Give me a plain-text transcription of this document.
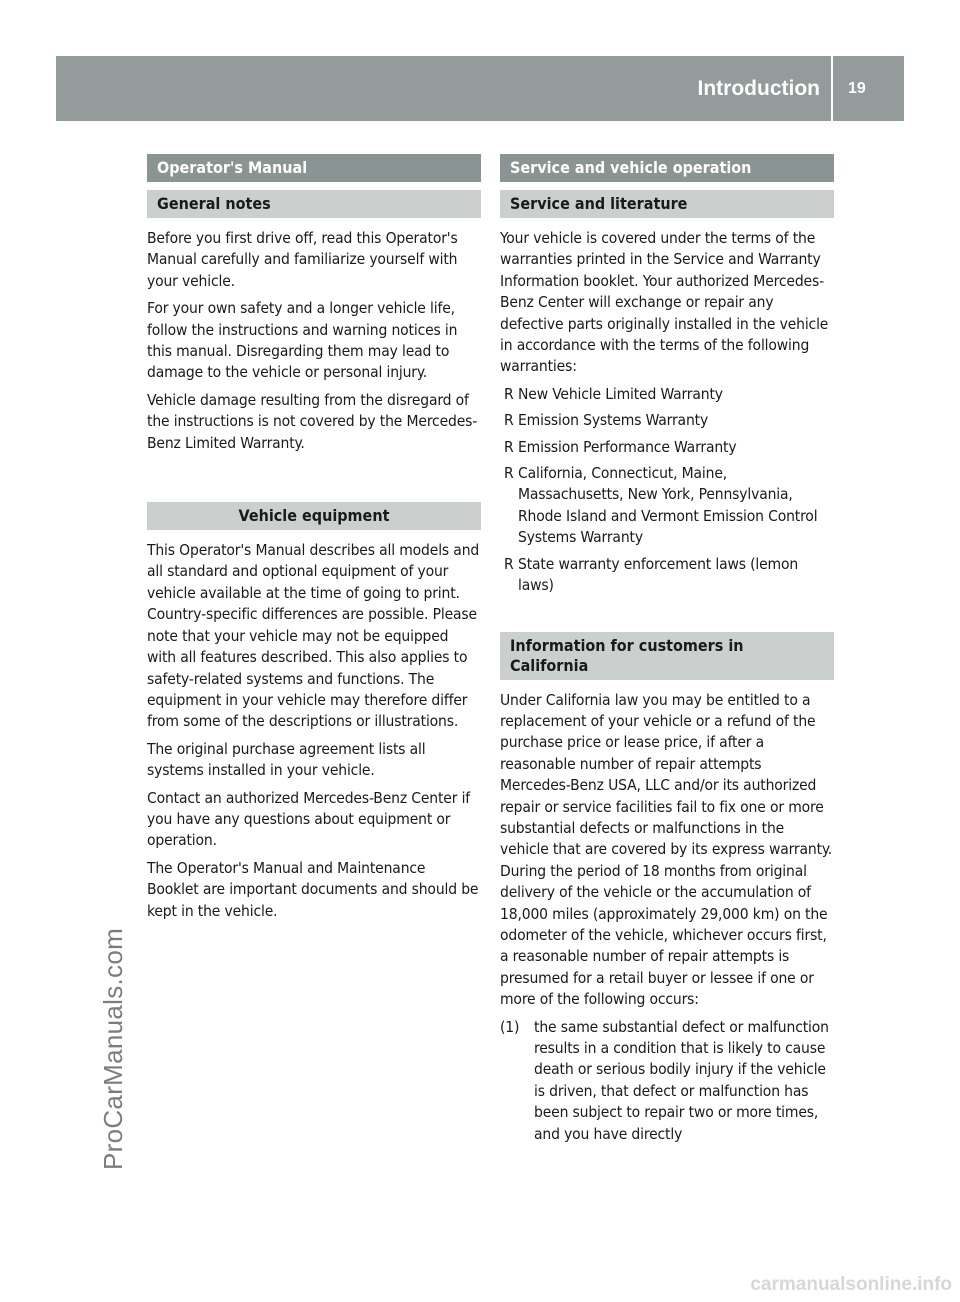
Introduction 19
ProCarManuals.com
Operator's Manual
General notes

Before you first drive off, read this Operator's Manual carefully and familiarize yourself with your vehicle.

For your own safety and a longer vehicle life, follow the instructions and warning notices in this manual. Disregarding them may lead to damage to the vehicle or personal injury.

Vehicle damage resulting from the disregard of the instructions is not covered by the Mercedes-Benz Limited Warranty.

Vehicle equipment

This Operator's Manual describes all models and all standard and optional equipment of your vehicle available at the time of going to print. Country-specific differences are possible. Please note that your vehicle may not be equipped with all features described. This also applies to safety-related systems and functions. The equipment in your vehicle may therefore differ from some of the descriptions or illustrations.

The original purchase agreement lists all systems installed in your vehicle.

Contact an authorized Mercedes-Benz Center if you have any questions about equipment or operation.

The Operator's Manual and Maintenance Booklet are important documents and should be kept in the vehicle.

Service and vehicle operation
Service and literature

Your vehicle is covered under the terms of the warranties printed in the Service and Warranty Information booklet. Your authorized Mercedes-Benz Center will exchange or repair any defective parts originally installed in the vehicle in accordance with the terms of the following warranties:

R New Vehicle Limited Warranty
R Emission Systems Warranty
R Emission Performance Warranty
R California, Connecticut, Maine, Massachusetts, New York, Pennsylvania, Rhode Island and Vermont Emission Control Systems Warranty
R State warranty enforcement laws (lemon laws)
Information for customers in California

Under California law you may be entitled to a replacement of your vehicle or a refund of the purchase price or lease price, if after a reasonable number of repair attempts Mercedes-Benz USA, LLC and/or its authorized repair or service facilities fail to fix one or more substantial defects or malfunctions in the vehicle that are covered by its express warranty. During the period of 18 months from original delivery of the vehicle or the accumulation of 18,000 miles (approximately 29,000 km) on the odometer of the vehicle, whichever occurs first, a reasonable number of repair attempts is presumed for a retail buyer or lessee if one or more of the following occurs:

(1) the same substantial defect or malfunction results in a condition that is likely to cause death or serious bodily injury if the vehicle is driven, that defect or malfunction has been subject to repair two or more times, and you have directly
carmanualsonline.info
